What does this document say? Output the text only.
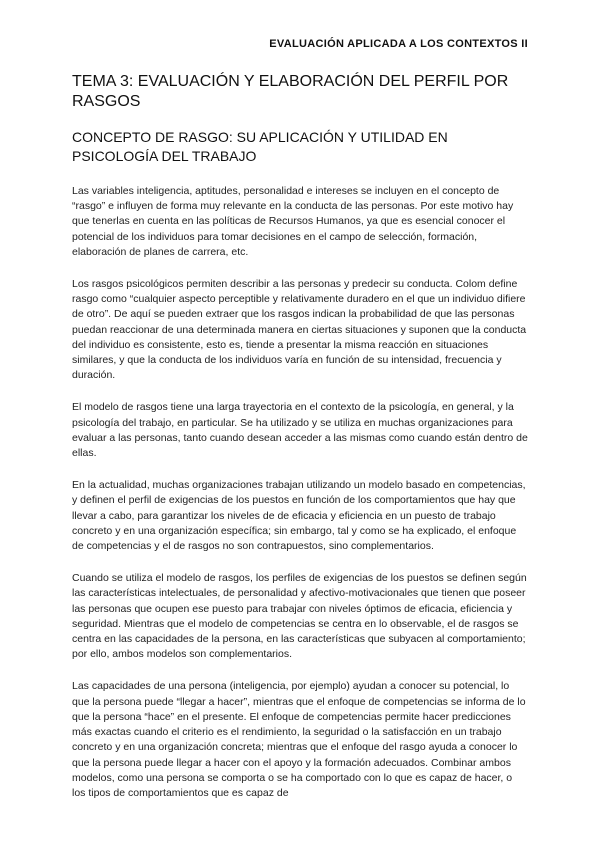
EVALUACIÓN APLICADA A LOS CONTEXTOS II
TEMA 3: EVALUACIÓN Y ELABORACIÓN DEL PERFIL POR RASGOS
CONCEPTO DE RASGO: SU APLICACIÓN Y UTILIDAD EN PSICOLOGÍA DEL TRABAJO

Las variables inteligencia, aptitudes, personalidad e intereses se incluyen en el concepto de “rasgo” e influyen de forma muy relevante en la conducta de las personas. Por este motivo hay que tenerlas en cuenta en las políticas de Recursos Humanos, ya que es esencial conocer el potencial de los individuos para tomar decisiones en el campo de selección, formación, elaboración de planes de carrera, etc.

Los rasgos psicológicos permiten describir a las personas y predecir su conducta. Colom define rasgo como “cualquier aspecto perceptible y relativamente duradero en el que un individuo difiere de otro”. De aquí se pueden extraer que los rasgos indican la probabilidad de que las personas puedan reaccionar de una determinada manera en ciertas situaciones y suponen que la conducta del individuo es consistente, esto es, tiende a presentar la misma reacción en situaciones similares, y que la conducta de los individuos varía en función de su intensidad, frecuencia y duración.

El modelo de rasgos tiene una larga trayectoria en el contexto de la psicología, en general, y la psicología del trabajo, en particular. Se ha utilizado y se utiliza en muchas organizaciones para evaluar a las personas, tanto cuando desean acceder a las mismas como cuando están dentro de ellas.

En la actualidad, muchas organizaciones trabajan utilizando un modelo basado en competencias, y definen el perfil de exigencias de los puestos en función de los comportamientos que hay que llevar a cabo, para garantizar los niveles de de eficacia y eficiencia en un puesto de trabajo concreto y en una organización específica; sin embargo, tal y como se ha explicado, el enfoque de competencias y el de rasgos no son contrapuestos, sino complementarios.

Cuando se utiliza el modelo de rasgos, los perfiles de exigencias de los puestos se definen según las características intelectuales, de personalidad y afectivo-motivacionales que tienen que poseer las personas que ocupen ese puesto para trabajar con niveles óptimos de eficacia, eficiencia y seguridad. Mientras que el modelo de competencias se centra en lo observable, el de rasgos se centra en las capacidades de la persona, en las características que subyacen al comportamiento; por ello, ambos modelos son complementarios.

Las capacidades de una persona (inteligencia, por ejemplo) ayudan a conocer su potencial, lo que la persona puede “llegar a hacer”, mientras que el enfoque de competencias se informa de lo que la persona “hace” en el presente. El enfoque de competencias permite hacer predicciones más exactas cuando el criterio es el rendimiento, la seguridad o la satisfacción en un trabajo concreto y en una organización concreta; mientras que el enfoque del rasgo ayuda a conocer lo que la persona puede llegar a hacer con el apoyo y la formación adecuados. Combinar ambos modelos, como una persona se comporta o se ha comportado con lo que es capaz de hacer, o los tipos de comportamientos que es capaz de
